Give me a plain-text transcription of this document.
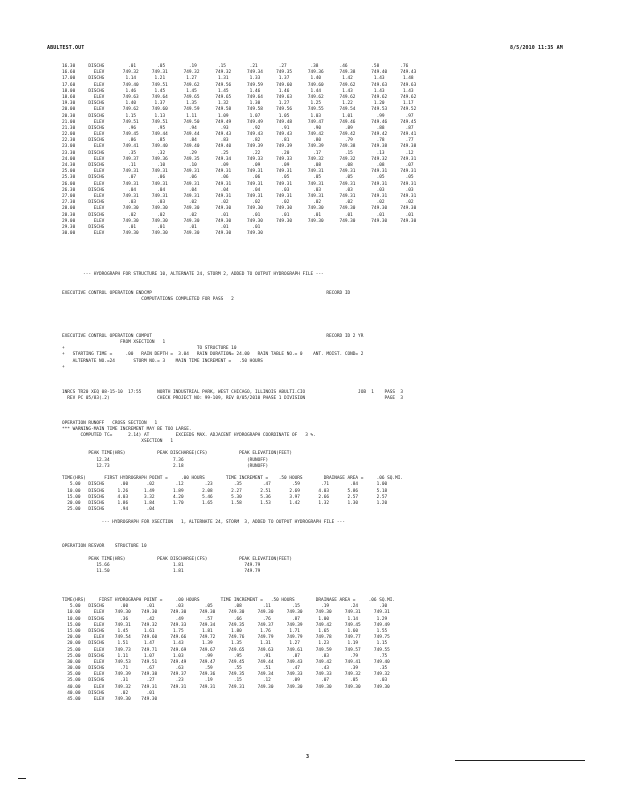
ABULTEST.OUT	8/5/2010 11:35 AM
16.30     DISCHG         .01        .05         .19        .15         .21        .27         .38        .46         .58        .76
16.60       ELEV       749.32     749.31      749.32      749.32      749.34     749.35      749.36      749.38      749.40     749.43
17.00     DISCHG        1.14       1.21        1.27        1.31        1.33       1.37        1.40        1.42        1.43       1.48
17.60       ELEV       749.40     749.51      749.62      749.56      749.59     749.60      749.60      749.62      749.63     749.63
18.00     DISCHG        1.46       1.45        1.45        1.45        1.46       1.46        1.44        1.43        1.43       1.43
18.60       ELEV       749.63     749.64      749.65      749.65      749.64     749.63      749.62      749.62      749.62     749.62
19.30     DISCHG        1.40       1.37        1.35        1.32        1.30       1.27        1.25        1.22        1.20       1.17
20.00       ELEV       749.62     749.60      749.59      749.58      749.58     749.56      749.55      749.54      749.53     749.52
20.30     DISCHG        1.15       1.13        1.11        1.09        1.07       1.05        1.03        1.01         .99        .97
21.00       ELEV       749.51     749.51      749.50      749.49      749.49     749.48      749.47      749.46      749.46     749.45
21.30     DISCHG         .96        .95         .94         .93         .92        .91         .90         .89         .88        .87
22.00       ELEV       749.45     749.44      749.44      749.43      749.43     749.43      749.42      749.42      749.42     749.41
22.30     DISCHG         .86        .85         .84         .83         .82        .81         .80         .79         .78        .77
23.00       ELEV       749.41     749.40      749.40      749.40      749.39     749.39      749.39      749.38      749.38     749.38
23.30     DISCHG         .35        .32         .29         .25         .22        .20         .17         .15         .13        .12
24.00       ELEV       749.37     749.36      749.35      749.34      749.33     749.33      749.32      749.32      749.32     749.31
24.30     DISCHG         .11        .10         .10         .09         .09        .09         .08         .08         .08        .07
25.00       ELEV       749.31     749.31      749.31      749.31      749.31     749.31      749.31      749.31      749.31     749.31
25.30     DISCHG         .07        .06         .06         .06         .06        .05         .05         .05         .05        .05
26.00       ELEV       749.31     749.31      749.31      749.31      749.31     749.31      749.31      749.31      749.31     749.31
26.30     DISCHG         .04        .04         .04         .04         .04        .03         .03         .03         .03        .03
27.00       ELEV       749.31     749.31      749.31      749.31      749.31     749.31      749.31      749.31      749.31     749.31
27.30     DISCHG         .03        .03         .02         .02         .02        .02         .02         .02         .02        .02
28.00       ELEV       749.30     749.30      749.30      749.30      749.30     749.30      749.30      749.30      749.30     749.30
28.30     DISCHG         .02        .02         .02         .01         .01        .01         .01         .01         .01        .01
29.00       ELEV       749.30     749.30      749.30      749.30      749.30     749.30      749.30      749.30      749.30     749.30
29.30     DISCHG         .01        .01         .01         .01         .01
30.00       ELEV       749.30     749.30      749.30      749.30      749.30
--- HYDROGRAPH FOR STRUCTURE 10, ALTERNATE 24, STORM 2, ADDED TO OUTPUT HYDROGRAPH FILE ---
EXECUTIVE CONTROL OPERATION ENDCMP                                                                  RECORD ID
COMPUTATIONS COMPLETED FOR PASS   2
EXECUTIVE CONTROL OPERATION COMPUT                                                                  RECORD ID 2 YR
FROM XSECTION   1
+                                                  TO STRUCTURE 10
+   STARTING TIME =     .00   RAIN DEPTH =  3.04   RAIN DURATION= 24.00   RAIN TABLE NO.= 0    ANT. MOIST. COND= 2
ALTERNATE NO.=24       STORM NO.= 3    MAIN TIME INCREMENT =   .50 HOURS
+
1NRCS TR20 XEQ 08-15-10  17:55      NORTH INDUSTRIAL PARK, WEST CHICAGO, ILLINOIS ABULTI.CIO                    JOB  1    PASS  3
REV PC 05/83(.2)                  CHECK PROJECT NO: 99-109, REV 8/05/2010 PHASE 1 DIVISION                              PAGE  3
OPERATION RUNOFF   CROSS SECTION   1
*** WARNING-MAIN TIME INCREMENT MAY BE TOO LARGE.
COMPUTED TC=      2.14) AT          EXCEEDS MAX. ADJACENT HYDROGRAPH COORDINATE OF   3 %.
XSECTION   1
PEAK TIME(HRS)            PEAK DISCHARGE(CFS)            PEAK ELEVATION(FEET)
12.34                        7.36                        (RUNOFF)
12.73                        2.18                        (RUNOFF)
TIME(HRS)       FIRST HYDROGRAPH POINT =     .00 HOURS        TIME INCREMENT =    .50 HOURS        DRAINAGE AREA =     .06 SQ.MI.
5.00   DISCHG      .00       .02        .12        .23        .35        .47        .59        .71        .84       1.00
10.00   DISCHG     1.26      1.49       1.89       2.08       2.27       2.51       2.69       4.03       5.86       5.18
15.00   DISCHG     4.03      3.32       4.20       5.46       5.30       5.36       3.97       2.66       2.57       2.57
20.00   DISCHG     1.86      1.84       1.70       1.65       1.58       1.53       1.42       1.32       1.30       1.20
25.00   DISCHG      .94       .04
--- HYDROGRAPH FOR XSECTION   1, ALTERNATE 24, STORM  3, ADDED TO OUTPUT HYDROGRAPH FILE ---
OPERATION RESVOR    STRUCTURE 10
PEAK TIME(HRS)            PEAK DISCHARGE(CFS)            PEAK ELEVATION(FEET)
15.66                        1.81                       749.79
11.50                        1.81                       749.79
TIME(HRS)     FIRST HYDROGRAPH POINT =     .00 HOURS        TIME INCREMENT =   .50 HOURS        DRAINAGE AREA =     .06 SQ.MI.
5.00   DISCHG      .00       .01        .03        .05        .08        .11        .15        .19        .24        .30
10.00     ELEV    749.30    749.30     749.30     749.30     749.30     749.30     749.30     749.30     749.31     749.31
10.00   DISCHG      .36       .42        .49        .57        .66        .76        .87       1.00       1.14       1.29
15.00     ELEV    749.31    749.32     749.33     749.34     749.35     749.37     749.39     749.42     749.45     749.49
15.00   DISCHG     1.45      1.61       1.75       1.81       1.80       1.76       1.71       1.65       1.60       1.55
20.00     ELEV    749.54    749.60     749.66     749.72     749.76     749.79     749.79     749.78     749.77     749.75
20.00   DISCHG     1.51      1.47       1.43       1.39       1.35       1.31       1.27       1.23       1.19       1.15
25.00     ELEV    749.73    749.71     749.69     749.67     749.65     749.63     749.61     749.59     749.57     749.55
25.00   DISCHG     1.11      1.07       1.03        .99        .95        .91        .87        .83        .79        .75
30.00     ELEV    749.53    749.51     749.49     749.47     749.45     749.44     749.43     749.42     749.41     749.40
30.00   DISCHG      .71       .67        .63        .59        .55        .51        .47        .43        .39        .35
35.00     ELEV    749.39    749.38     749.37     749.36     749.35     749.34     749.33     749.33     749.32     749.32
35.00   DISCHG      .31       .27        .23        .19        .15        .12        .09        .07        .05        .03
40.00     ELEV    749.32    749.31     749.31     749.31     749.31     749.30     749.30     749.30     749.30     749.30
40.00   DISCHG      .02       .01
45.00     ELEV    749.30    749.30
3
